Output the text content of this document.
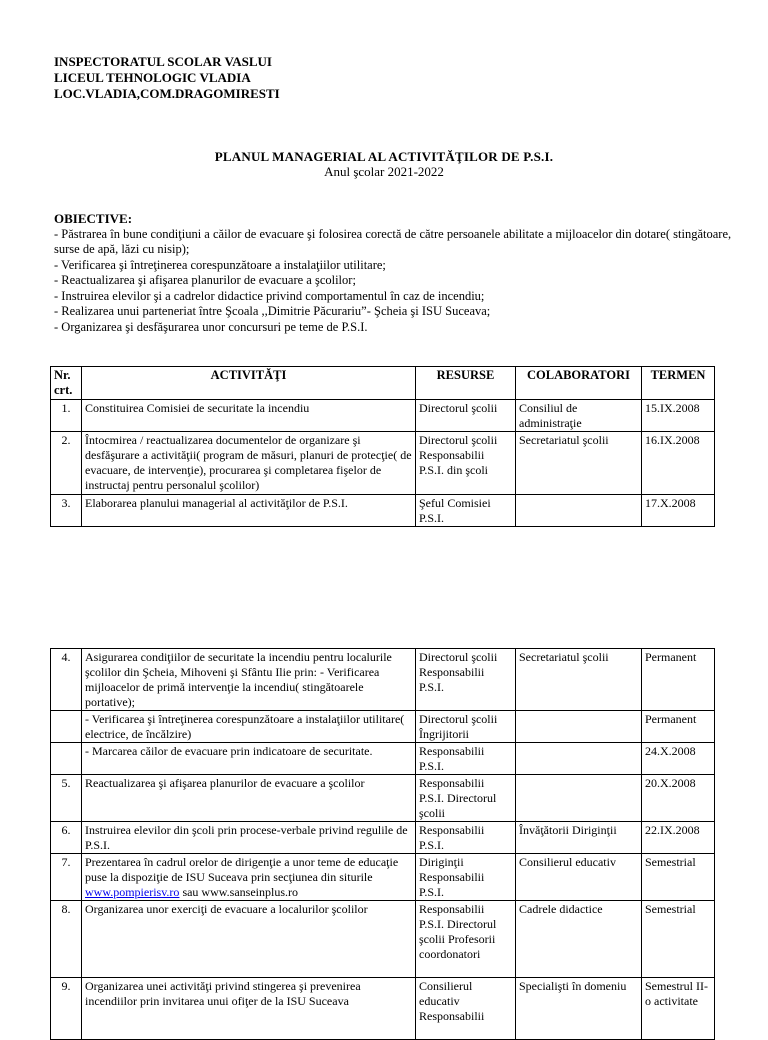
INSPECTORATUL SCOLAR VASLUI
LICEUL TEHNOLOGIC VLADIA
LOC.VLADIA,COM.DRAGOMIRESTI
PLANUL MANAGERIAL AL ACTIVITĂŢILOR DE P.S.I.
Anul şcolar 2021-2022
OBIECTIVE:
- Păstrarea în bune condiţiuni a căilor de evacuare şi folosirea corectă de către persoanele abilitate a mijloacelor din dotare( stingătoare, surse de apă, lăzi cu nisip);
- Verificarea şi întreţinerea corespunzătoare a instalaţiilor utilitare;
- Reactualizarea şi afişarea planurilor de evacuare a şcolilor;
- Instruirea elevilor şi a cadrelor didactice privind comportamentul în caz de incendiu;
- Realizarea unui parteneriat între Şcoala ,,Dimitrie Păcurariu”- Şcheia şi ISU Suceava;
- Organizarea şi desfăşurarea unor concursuri pe teme de P.S.I.
Nr. crt.	ACTIVITĂŢI	RESURSE	COLABORATORI	TERMEN
1.	Constituirea Comisiei de securitate la incendiu	Directorul şcolii	Consiliul de administraţie	15.IX.2008
2.	Întocmirea / reactualizarea documentelor de organizare şi desfăşurare a activităţii( program de măsuri, planuri de protecţie( de evacuare, de intervenţie), procurarea şi completarea fişelor de instructaj pentru personalul şcolilor)	Directorul şcolii Responsabilii P.S.I. din şcoli	Secretariatul şcolii	16.IX.2008
3.	Elaborarea planului managerial al activităţilor de P.S.I.	Şeful Comisiei P.S.I.		17.X.2008
4.	Asigurarea condiţiilor de securitate la incendiu pentru localurile şcolilor din Şcheia, Mihoveni şi Sfântu Ilie prin: - Verificarea mijloacelor de primă intervenţie la incendiu( stingătoarele portative);	Directorul şcolii Responsabilii P.S.I.	Secretariatul şcolii	Permanent
	- Verificarea şi întreţinerea corespunzătoare a instalaţiilor utilitare( electrice, de încălzire)	Directorul şcolii Îngrijitorii		Permanent
	- Marcarea căilor de evacuare prin indicatoare de securitate.	Responsabilii P.S.I.		24.X.2008
5.	Reactualizarea şi afişarea planurilor de evacuare a şcolilor	Responsabilii P.S.I. Directorul şcolii		20.X.2008
6.	Instruirea elevilor din şcoli prin procese-verbale privind regulile de P.S.I.	Responsabilii P.S.I.	Învăţătorii Diriginţii	22.IX.2008
7.	Prezentarea în cadrul orelor de dirigenţie a unor teme de educaţie puse la dispoziţie de ISU Suceava prin secţiunea din siturile www.pompierisv.ro sau www.sanseinplus.ro	Diriginţii Responsabilii P.S.I.	Consilierul educativ	Semestrial
8.	Organizarea unor exerciţi de evacuare a localurilor şcolilor	Responsabilii P.S.I. Directorul şcolii Profesorii coordonatori	Cadrele didactice	Semestrial
9.	Organizarea unei activităţi privind stingerea şi prevenirea incendiilor prin invitarea unui ofiţer de la ISU Suceava	Consilierul educativ Responsabilii	Specialişti în domeniu	Semestrul II- o activitate
